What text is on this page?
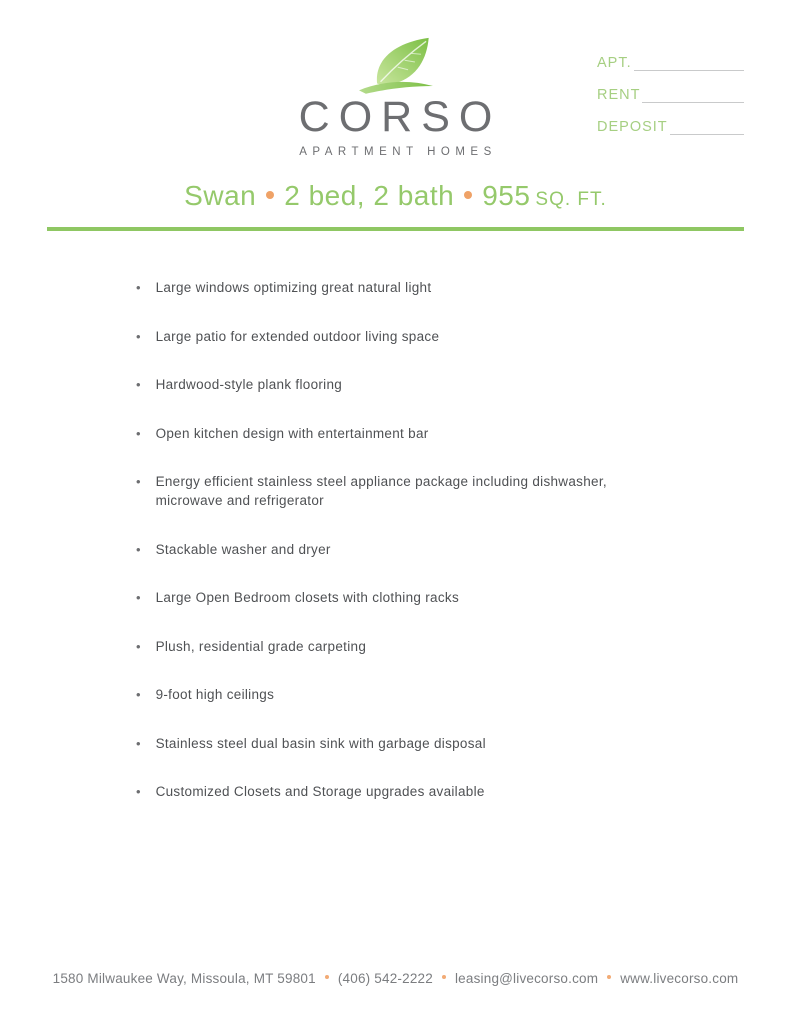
CORSO
APARTMENT HOMES
APT.
RENT
DEPOSIT
Swan 2 bed, 2 bath 955 SQ. FT.
• Large windows optimizing great natural light
• Large patio for extended outdoor living space
• Hardwood-style plank flooring
• Open kitchen design with entertainment bar
• Energy efficient stainless steel appliance package including dishwasher, microwave and refrigerator
• Stackable washer and dryer
• Large Open Bedroom closets with clothing racks
• Plush, residential grade carpeting
• 9-foot high ceilings
• Stainless steel dual basin sink with garbage disposal
• Customized Closets and Storage upgrades available
1580 Milwaukee Way, Missoula, MT 59801 (406) 542-2222 leasing@livecorso.com www.livecorso.com
